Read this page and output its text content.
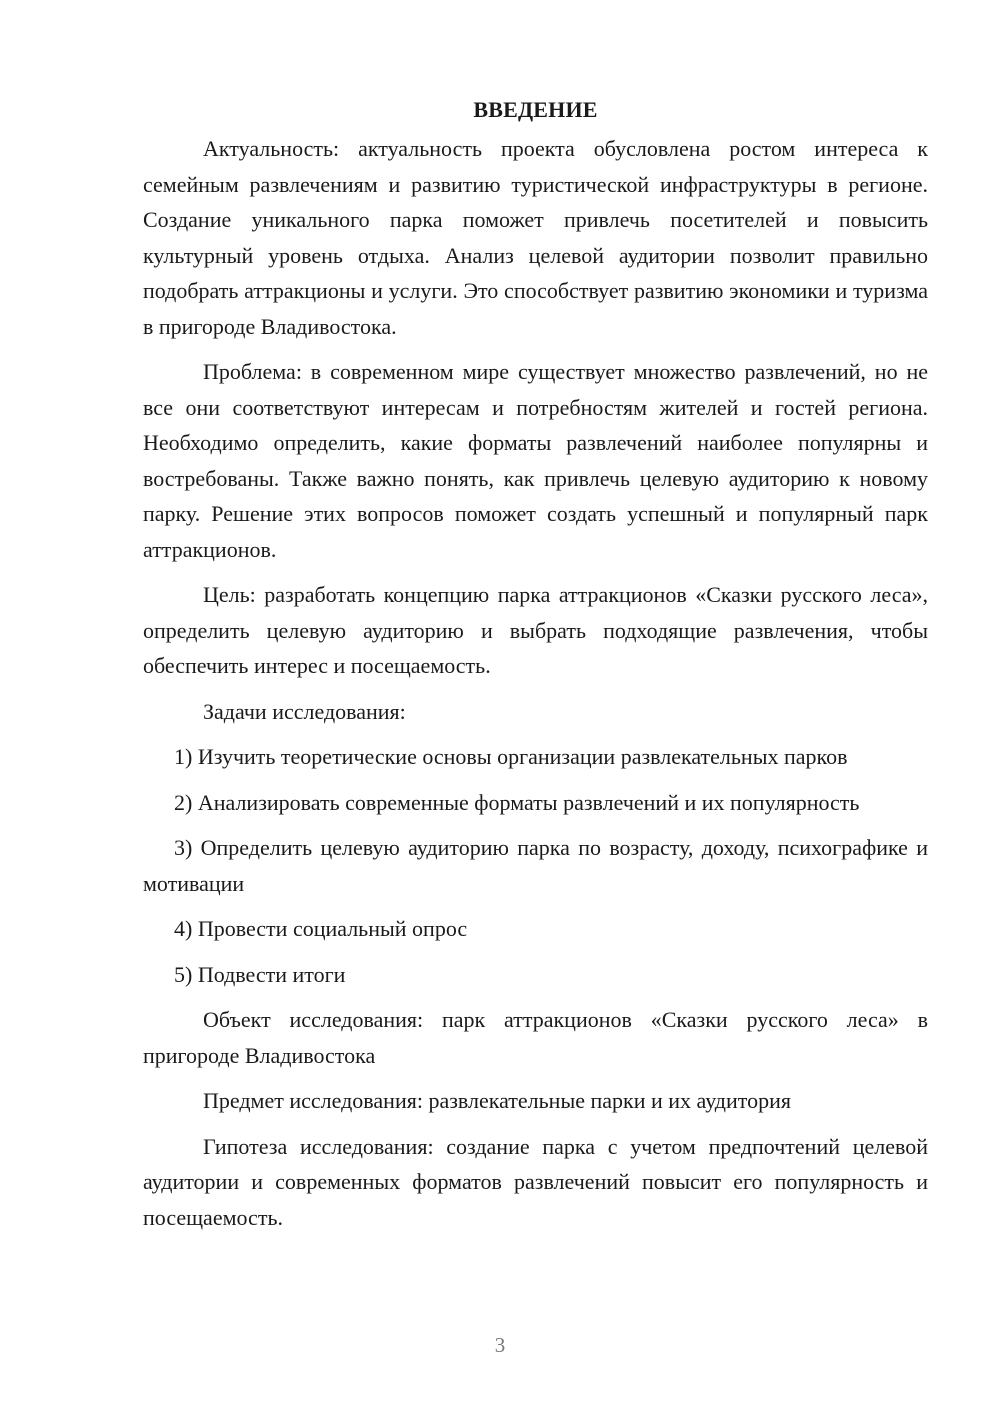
ВВЕДЕНИЕ

Актуальность: актуальность проекта обусловлена ростом интереса к семейным развлечениям и развитию туристической инфраструктуры в регионе. Создание уникального парка поможет привлечь посетителей и повысить культурный уровень отдыха. Анализ целевой аудитории позволит правильно подобрать аттракционы и услуги. Это способствует развитию экономики и туризма в пригороде Владивостока.

Проблема: в современном мире существует множество развлечений, но не все они соответствуют интересам и потребностям жителей и гостей региона. Необходимо определить, какие форматы развлечений наиболее популярны и востребованы. Также важно понять, как привлечь целевую аудиторию к новому парку. Решение этих вопросов поможет создать успешный и популярный парк аттракционов.

Цель: разработать концепцию парка аттракционов «Сказки русского леса», определить целевую аудиторию и выбрать подходящие развлечения, чтобы обеспечить интерес и посещаемость.

Задачи исследования:

1) Изучить теоретические основы организации развлекательных парков

2) Анализировать современные форматы развлечений и их популярность

3) Определить целевую аудиторию парка по возрасту, доходу, психографике и мотивации

4) Провести социальный опрос

5) Подвести итоги

Объект исследования: парк аттракционов «Сказки русского леса» в пригороде Владивостока

Предмет исследования: развлекательные парки и их аудитория

Гипотеза исследования: создание парка с учетом предпочтений целевой аудитории и современных форматов развлечений повысит его популярность и посещаемость.

3
